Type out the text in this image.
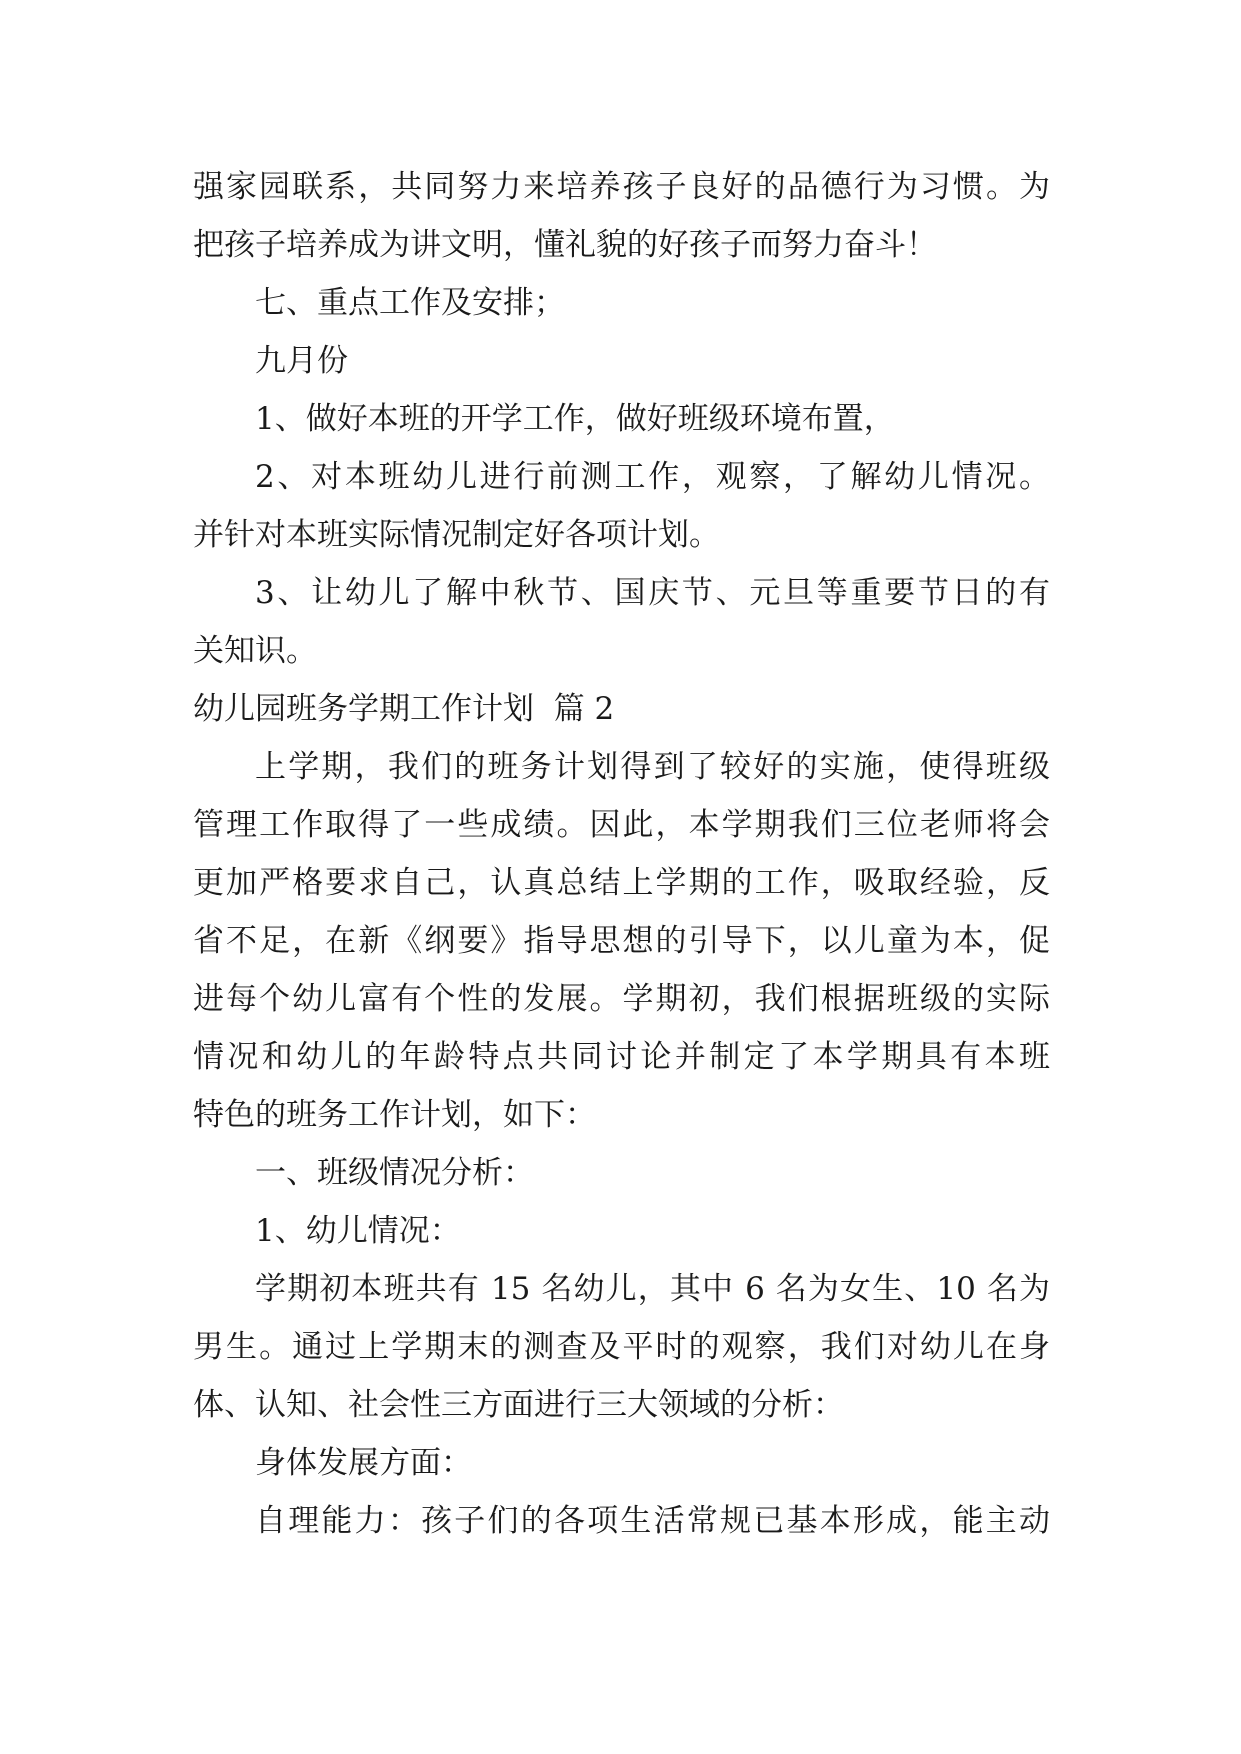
强家园联系，共同努力来培养孩子良好的品德行为习惯。为
把孩子培养成为讲文明，懂礼貌的好孩子而努力奋斗！
七、重点工作及安排；
九月份
1、做好本班的开学工作，做好班级环境布置，
2、对本班幼儿进行前测工作，观察，了解幼儿情况。
并针对本班实际情况制定好各项计划。
3、让幼儿了解中秋节、国庆节、元旦等重要节日的有
关知识。
幼儿园班务学期工作计划  篇 2
上学期，我们的班务计划得到了较好的实施，使得班级
管理工作取得了一些成绩。因此，本学期我们三位老师将会
更加严格要求自己，认真总结上学期的工作，吸取经验，反
省不足，在新《纲要》指导思想的引导下，以儿童为本，促
进每个幼儿富有个性的发展。学期初，我们根据班级的实际
情况和幼儿的年龄特点共同讨论并制定了本学期具有本班
特色的班务工作计划，如下：
一、班级情况分析：
1、幼儿情况：
学期初本班共有 15 名幼儿，其中 6 名为女生、10 名为
男生。通过上学期末的测查及平时的观察，我们对幼儿在身
体、认知、社会性三方面进行三大领域的分析：
身体发展方面：
自理能力：孩子们的各项生活常规已基本形成，能主动
